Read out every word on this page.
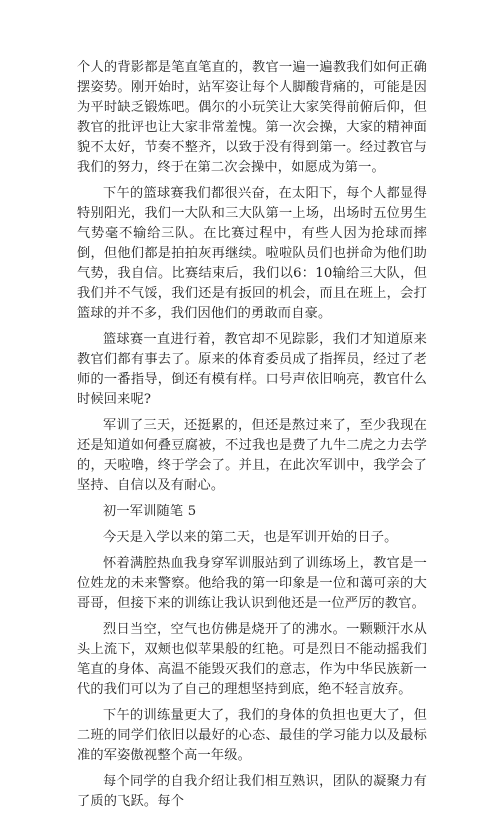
个人的背影都是笔直笔直的，教官一遍一遍教我们如何正确摆姿势。刚开始时，站军姿让每个人脚酸背痛的，可能是因为平时缺乏锻炼吧。偶尔的小玩笑让大家笑得前俯后仰，但教官的批评也让大家非常羞愧。第一次会操，大家的精神面貌不太好，节奏不整齐，以致于没有得到第一。经过教官与我们的努力，终于在第二次会操中，如愿成为第一。

下午的篮球赛我们都很兴奋，在太阳下，每个人都显得特别阳光，我们一大队和三大队第一上场，出场时五位男生气势毫不输给三队。在比赛过程中，有些人因为抢球而摔倒，但他们都是拍拍灰再继续。啦啦队员们也拼命为他们助气势，我自信。比赛结束后，我们以6：10输给三大队，但我们并不气馁，我们还是有扳回的机会，而且在班上，会打篮球的并不多，我们因他们的勇敢而自豪。

篮球赛一直进行着，教官却不见踪影，我们才知道原来教官们都有事去了。原来的体育委员成了指挥员，经过了老师的一番指导，倒还有模有样。口号声依旧响亮，教官什么时候回来呢?

军训了三天，还挺累的，但还是熬过来了，至少我现在还是知道如何叠豆腐被，不过我也是费了九牛二虎之力去学的，天啦噜，终于学会了。并且，在此次军训中，我学会了坚持、自信以及有耐心。

初一军训随笔 5

今天是入学以来的第二天，也是军训开始的日子。

怀着满腔热血我身穿军训服站到了训练场上，教官是一位姓龙的未来警察。他给我的第一印象是一位和蔼可亲的大哥哥，但接下来的训练让我认识到他还是一位严厉的教官。

烈日当空，空气也仿佛是烧开了的沸水。一颗颗汗水从头上流下，双颊也似苹果般的红艳。可是烈日不能动摇我们笔直的身体、高温不能毁灭我们的意志，作为中华民族新一代的我们可以为了自己的理想坚持到底，绝不轻言放弃。

下午的训练量更大了，我们的身体的负担也更大了，但二班的同学们依旧以最好的心态、最佳的学习能力以及最标准的军姿傲视整个高一年级。

每个同学的自我介绍让我们相互熟识，团队的凝聚力有了质的飞跃。每个
